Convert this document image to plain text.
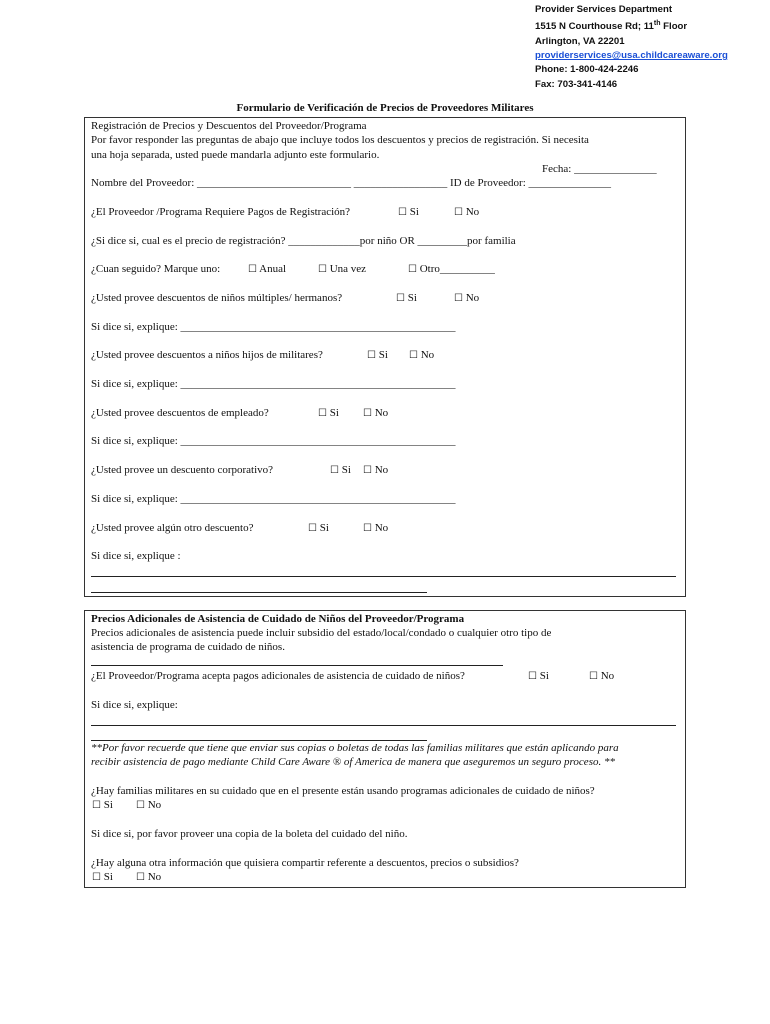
Provider Services Department
1515 N Courthouse Rd; 11th Floor
Arlington, VA 22201
providerservices@usa.childcareaware.org
Phone: 1-800-424-2246
Fax: 703-341-4146
Formulario de Verificación de Precios de Proveedores Militares
Registración de Precios y Descuentos del Proveedor/Programa
Por favor responder las preguntas de abajo que incluye todos los descuentos y precios de registración. Si necesita
una hoja separada, usted puede mandarla adjunto este formulario.
Fecha: _______________
Nombre del Proveedor: ____________________________ _________________ ID de Proveedor: _______________
¿El Proveedor /Programa Requiere Pagos de Registración?	☐ Si	☐ No
¿Si dice si, cual es el precio de registración? _____________por niño OR _________por familia
¿Cuan seguido? Marque uno:	☐ Anual	☐ Una vez	☐ Otro__________
¿Usted provee descuentos de niños múltiples/ hermanos?	☐ Si	☐ No
Si dice si, explique: __________________________________________________
¿Usted provee descuentos a niños hijos de militares?	☐ Si ☐ No
Si dice si, explique: __________________________________________________
¿Usted provee descuentos de empleado?	☐ Si ☐ No
Si dice si, explique: __________________________________________________
¿Usted provee un descuento corporativo?	☐ Si ☐ No
Si dice si, explique: __________________________________________________
¿Usted provee algún otro descuento?	☐ Si	☐ No
Si dice si, explique :
Precios Adicionales de Asistencia de Cuidado de Niños del Proveedor/Programa
Precios adicionales de asistencia puede incluir subsidio del estado/local/condado o cualquier otro tipo de
asistencia de programa de cuidado de niños.
¿El Proveedor/Programa acepta pagos adicionales de asistencia de cuidado de niños?	☐ Si	☐ No
Si dice si, explique:
**Por favor recuerde que tiene que enviar sus copias o boletas de todas las familias militares que están aplicando para
recibir asistencia de pago mediante Child Care Aware ® of America de manera que aseguremos un seguro proceso. **
¿Hay familias militares en su cuidado que en el presente están usando programas adicionales de cuidado de niños?
☐ Si ☐ No
Si dice si, por favor proveer una copia de la boleta del cuidado del niño.
¿Hay alguna otra información que quisiera compartir referente a descuentos, precios o subsidios?
☐ Si ☐ No
